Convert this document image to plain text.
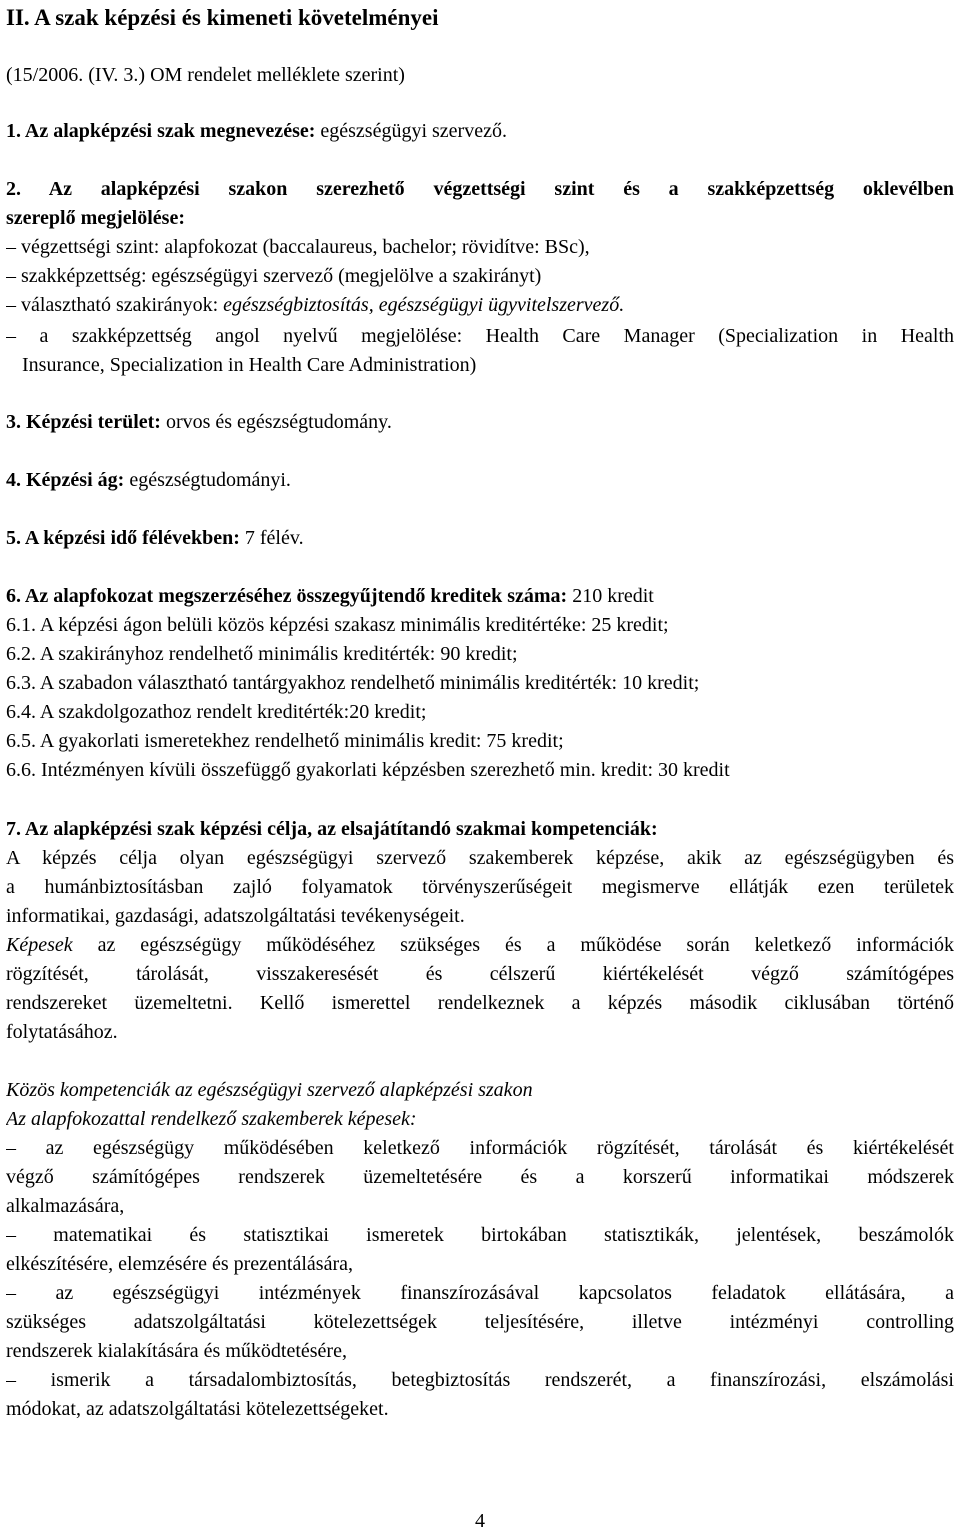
II. A szak képzési és kimeneti követelményei
(15/2006. (IV. 3.) OM rendelet melléklete szerint)
1. Az alapképzési szak megnevezése: egészségügyi szervező.
2. Az alapképzési szakon szerezhető végzettségi szint és a szakképzettség oklevélben
szereplő megjelölése:
– végzettségi szint: alapfokozat (baccalaureus, bachelor; rövidítve: BSc),
– szakképzettség: egészségügyi szervező (megjelölve a szakirányt)
– választható szakirányok: egészségbiztosítás, egészségügyi ügyvitelszervező.
– a szakképzettség angol nyelvű megjelölése: Health Care Manager (Specialization in Health
Insurance, Specialization in Health Care Administration)
3. Képzési terület: orvos és egészségtudomány.
4. Képzési ág: egészségtudományi.
5. A képzési idő félévekben: 7 félév.
6. Az alapfokozat megszerzéséhez összegyűjtendő kreditek száma: 210 kredit
6.1. A képzési ágon belüli közös képzési szakasz minimális kreditértéke: 25 kredit;
6.2. A szakirányhoz rendelhető minimális kreditérték: 90 kredit;
6.3. A szabadon választható tantárgyakhoz rendelhető minimális kreditérték: 10 kredit;
6.4. A szakdolgozathoz rendelt kreditérték:20 kredit;
6.5. A gyakorlati ismeretekhez rendelhető minimális kredit: 75 kredit;
6.6. Intézményen kívüli összefüggő gyakorlati képzésben szerezhető min. kredit: 30 kredit
7. Az alapképzési szak képzési célja, az elsajátítandó szakmai kompetenciák:
A képzés célja olyan egészségügyi szervező szakemberek képzése, akik az egészségügyben és
a humánbiztosításban zajló folyamatok törvényszerűségeit megismerve ellátják ezen területek
informatikai, gazdasági, adatszolgáltatási tevékenységeit.
Képesek az egészségügy működéséhez szükséges és a működése során keletkező információk
rögzítését, tárolását, visszakeresését és célszerű kiértékelését végző számítógépes
rendszereket üzemeltetni. Kellő ismerettel rendelkeznek a képzés második ciklusában történő
folytatásához.
Közös kompetenciák az egészségügyi szervező alapképzési szakon
Az alapfokozattal rendelkező szakemberek képesek:
– az egészségügy működésében keletkező információk rögzítését, tárolását és kiértékelését
végző számítógépes rendszerek üzemeltetésére és a korszerű informatikai módszerek
alkalmazására,
– matematikai és statisztikai ismeretek birtokában statisztikák, jelentések, beszámolók
elkészítésére, elemzésére és prezentálására,
– az egészségügyi intézmények finanszírozásával kapcsolatos feladatok ellátására, a
szükséges adatszolgáltatási kötelezettségek teljesítésére, illetve intézményi controlling
rendszerek kialakítására és működtetésére,
– ismerik a társadalombiztosítás, betegbiztosítás rendszerét, a finanszírozási, elszámolási
módokat, az adatszolgáltatási kötelezettségeket.
4
